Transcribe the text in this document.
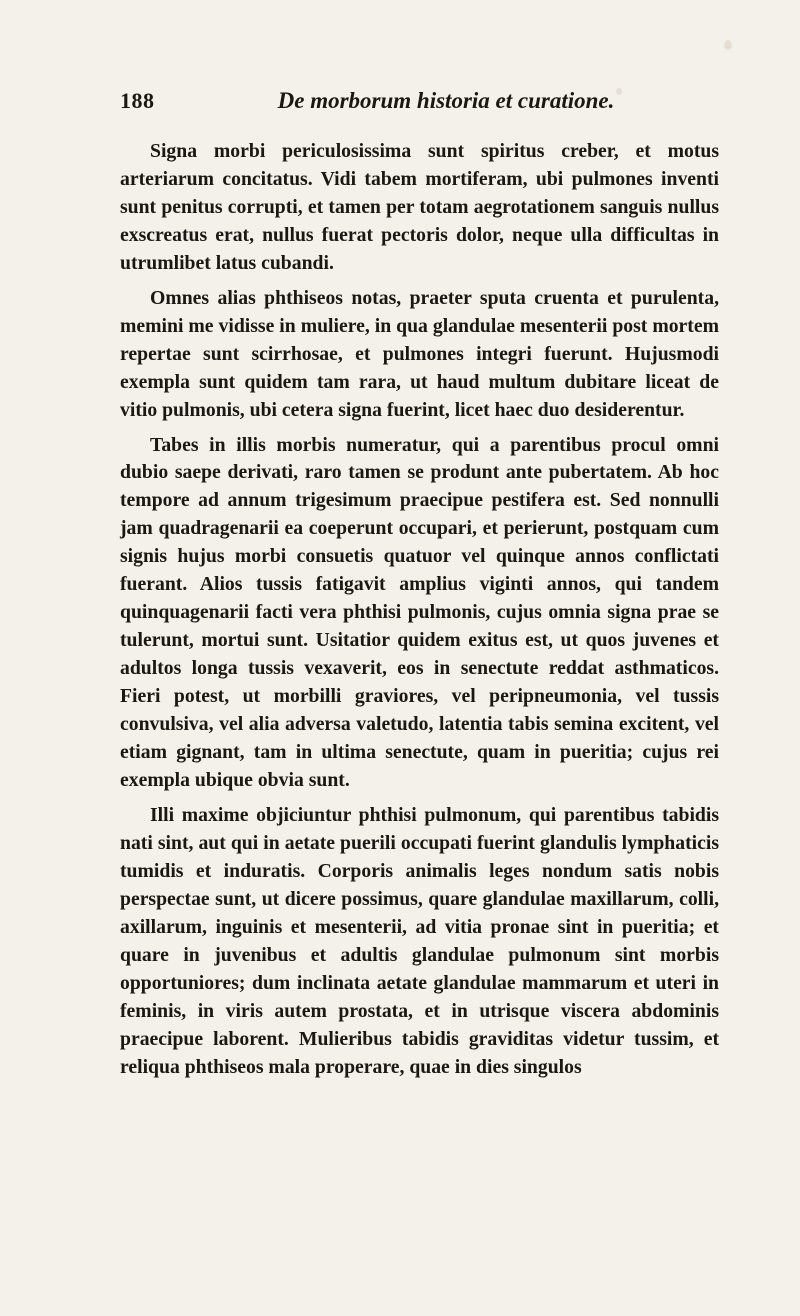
188	De morborum historia et curatione.

Signa morbi periculosissima sunt spiritus creber, et motus arteriarum concitatus. Vidi tabem mortiferam, ubi pulmones inventi sunt penitus corrupti, et tamen per totam aegrotationem sanguis nullus exscreatus erat, nullus fuerat pectoris dolor, neque ulla difficultas in utrumlibet latus cubandi.

Omnes alias phthiseos notas, praeter sputa cruenta et purulenta, memini me vidisse in muliere, in qua glandulae mesenterii post mortem repertae sunt scirrhosae, et pulmones integri fuerunt. Hujusmodi exempla sunt quidem tam rara, ut haud multum dubitare liceat de vitio pulmonis, ubi cetera signa fuerint, licet haec duo desiderentur.

Tabes in illis morbis numeratur, qui a parentibus procul omni dubio saepe derivati, raro tamen se produnt ante pubertatem. Ab hoc tempore ad annum trigesimum praecipue pestifera est. Sed nonnulli jam quadragenarii ea coeperunt occupari, et perierunt, postquam cum signis hujus morbi consuetis quatuor vel quinque annos conflictati fuerant. Alios tussis fatigavit amplius viginti annos, qui tandem quinquagenarii facti vera phthisi pulmonis, cujus omnia signa prae se tulerunt, mortui sunt. Usitatior quidem exitus est, ut quos juvenes et adultos longa tussis vexaverit, eos in senectute reddat asthmaticos. Fieri potest, ut morbilli graviores, vel peripneumonia, vel tussis convulsiva, vel alia adversa valetudo, latentia tabis semina excitent, vel etiam gignant, tam in ultima senectute, quam in pueritia; cujus rei exempla ubique obvia sunt.

Illi maxime objiciuntur phthisi pulmonum, qui parentibus tabidis nati sint, aut qui in aetate puerili occupati fuerint glandulis lymphaticis tumidis et induratis. Corporis animalis leges nondum satis nobis perspectae sunt, ut dicere possimus, quare glandulae maxillarum, colli, axillarum, inguinis et mesenterii, ad vitia pronae sint in pueritia; et quare in juvenibus et adultis glandulae pulmonum sint morbis opportuniores; dum inclinata aetate glandulae mammarum et uteri in feminis, in viris autem prostata, et in utrisque viscera abdominis praecipue laborent. Mulieribus tabidis graviditas videtur tussim, et reliqua phthiseos mala properare, quae in dies singulos
